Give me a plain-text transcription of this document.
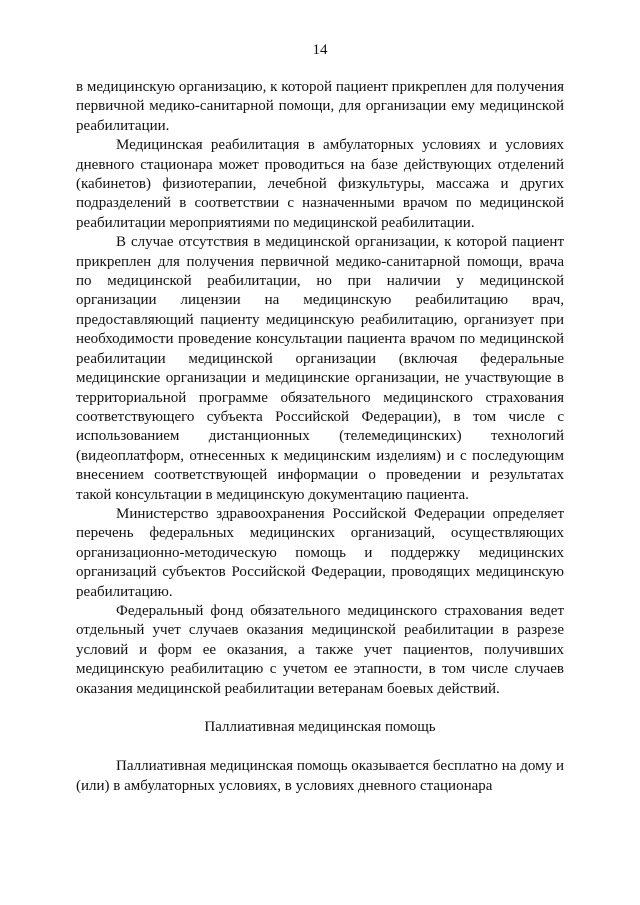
14

в медицинскую организацию, к которой пациент прикреплен для получения первичной медико-санитарной помощи, для организации ему медицинской реабилитации.

Медицинская реабилитация в амбулаторных условиях и условиях дневного стационара может проводиться на базе действующих отделений (кабинетов) физиотерапии, лечебной физкультуры, массажа и других подразделений в соответствии с назначенными врачом по медицинской реабилитации мероприятиями по медицинской реабилитации.

В случае отсутствия в медицинской организации, к которой пациент прикреплен для получения первичной медико-санитарной помощи, врача по медицинской реабилитации, но при наличии у медицинской организации лицензии на медицинскую реабилитацию врач, предоставляющий пациенту медицинскую реабилитацию, организует при необходимости проведение консультации пациента врачом по медицинской реабилитации медицинской организации (включая федеральные медицинские организации и медицинские организации, не участвующие в территориальной программе обязательного медицинского страхования соответствующего субъекта Российской Федерации), в том числе с использованием дистанционных (телемедицинских) технологий (видеоплатформ, отнесенных к медицинским изделиям) и с последующим внесением соответствующей информации о проведении и результатах такой консультации в медицинскую документацию пациента.

Министерство здравоохранения Российской Федерации определяет перечень федеральных медицинских организаций, осуществляющих организационно-методическую помощь и поддержку медицинских организаций субъектов Российской Федерации, проводящих медицинскую реабилитацию.

Федеральный фонд обязательного медицинского страхования ведет отдельный учет случаев оказания медицинской реабилитации в разрезе условий и форм ее оказания, а также учет пациентов, получивших медицинскую реабилитацию с учетом ее этапности, в том числе случаев оказания медицинской реабилитации ветеранам боевых действий.

Паллиативная медицинская помощь

Паллиативная медицинская помощь оказывается бесплатно на дому и (или) в амбулаторных условиях, в условиях дневного стационара
